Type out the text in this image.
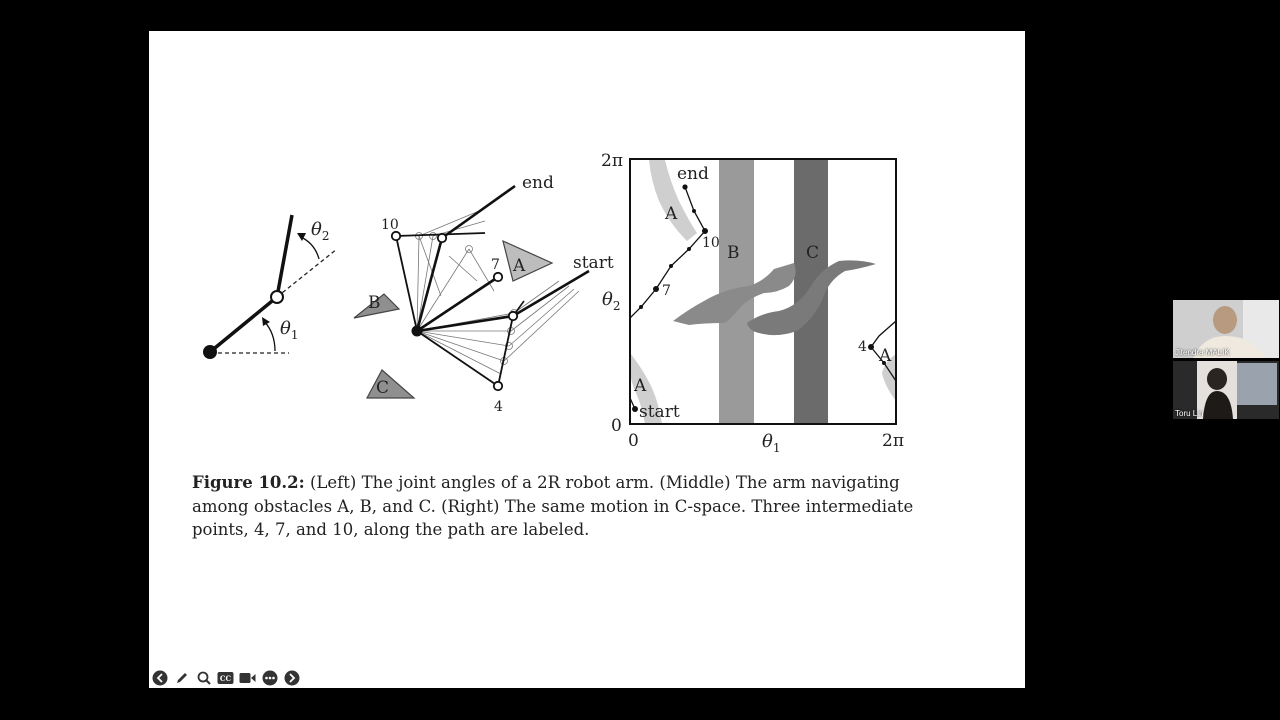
$\theta_1$
$\theta_2$
A
B
C
end
start
10
7
4
2π
0
$\theta_2$
0	$\theta_1$	2π
end
start
10
7
4
A
A
A
B	C
Figure 10.2: (Left) The joint angles of a 2R robot arm. (Middle) The arm navigating
among obstacles A, B, and C. (Right) The same motion in C-space. Three intermediate
points, 4, 7, and 10, along the path are labeled.
CC
Jitendra MALIK
Toru Lin
